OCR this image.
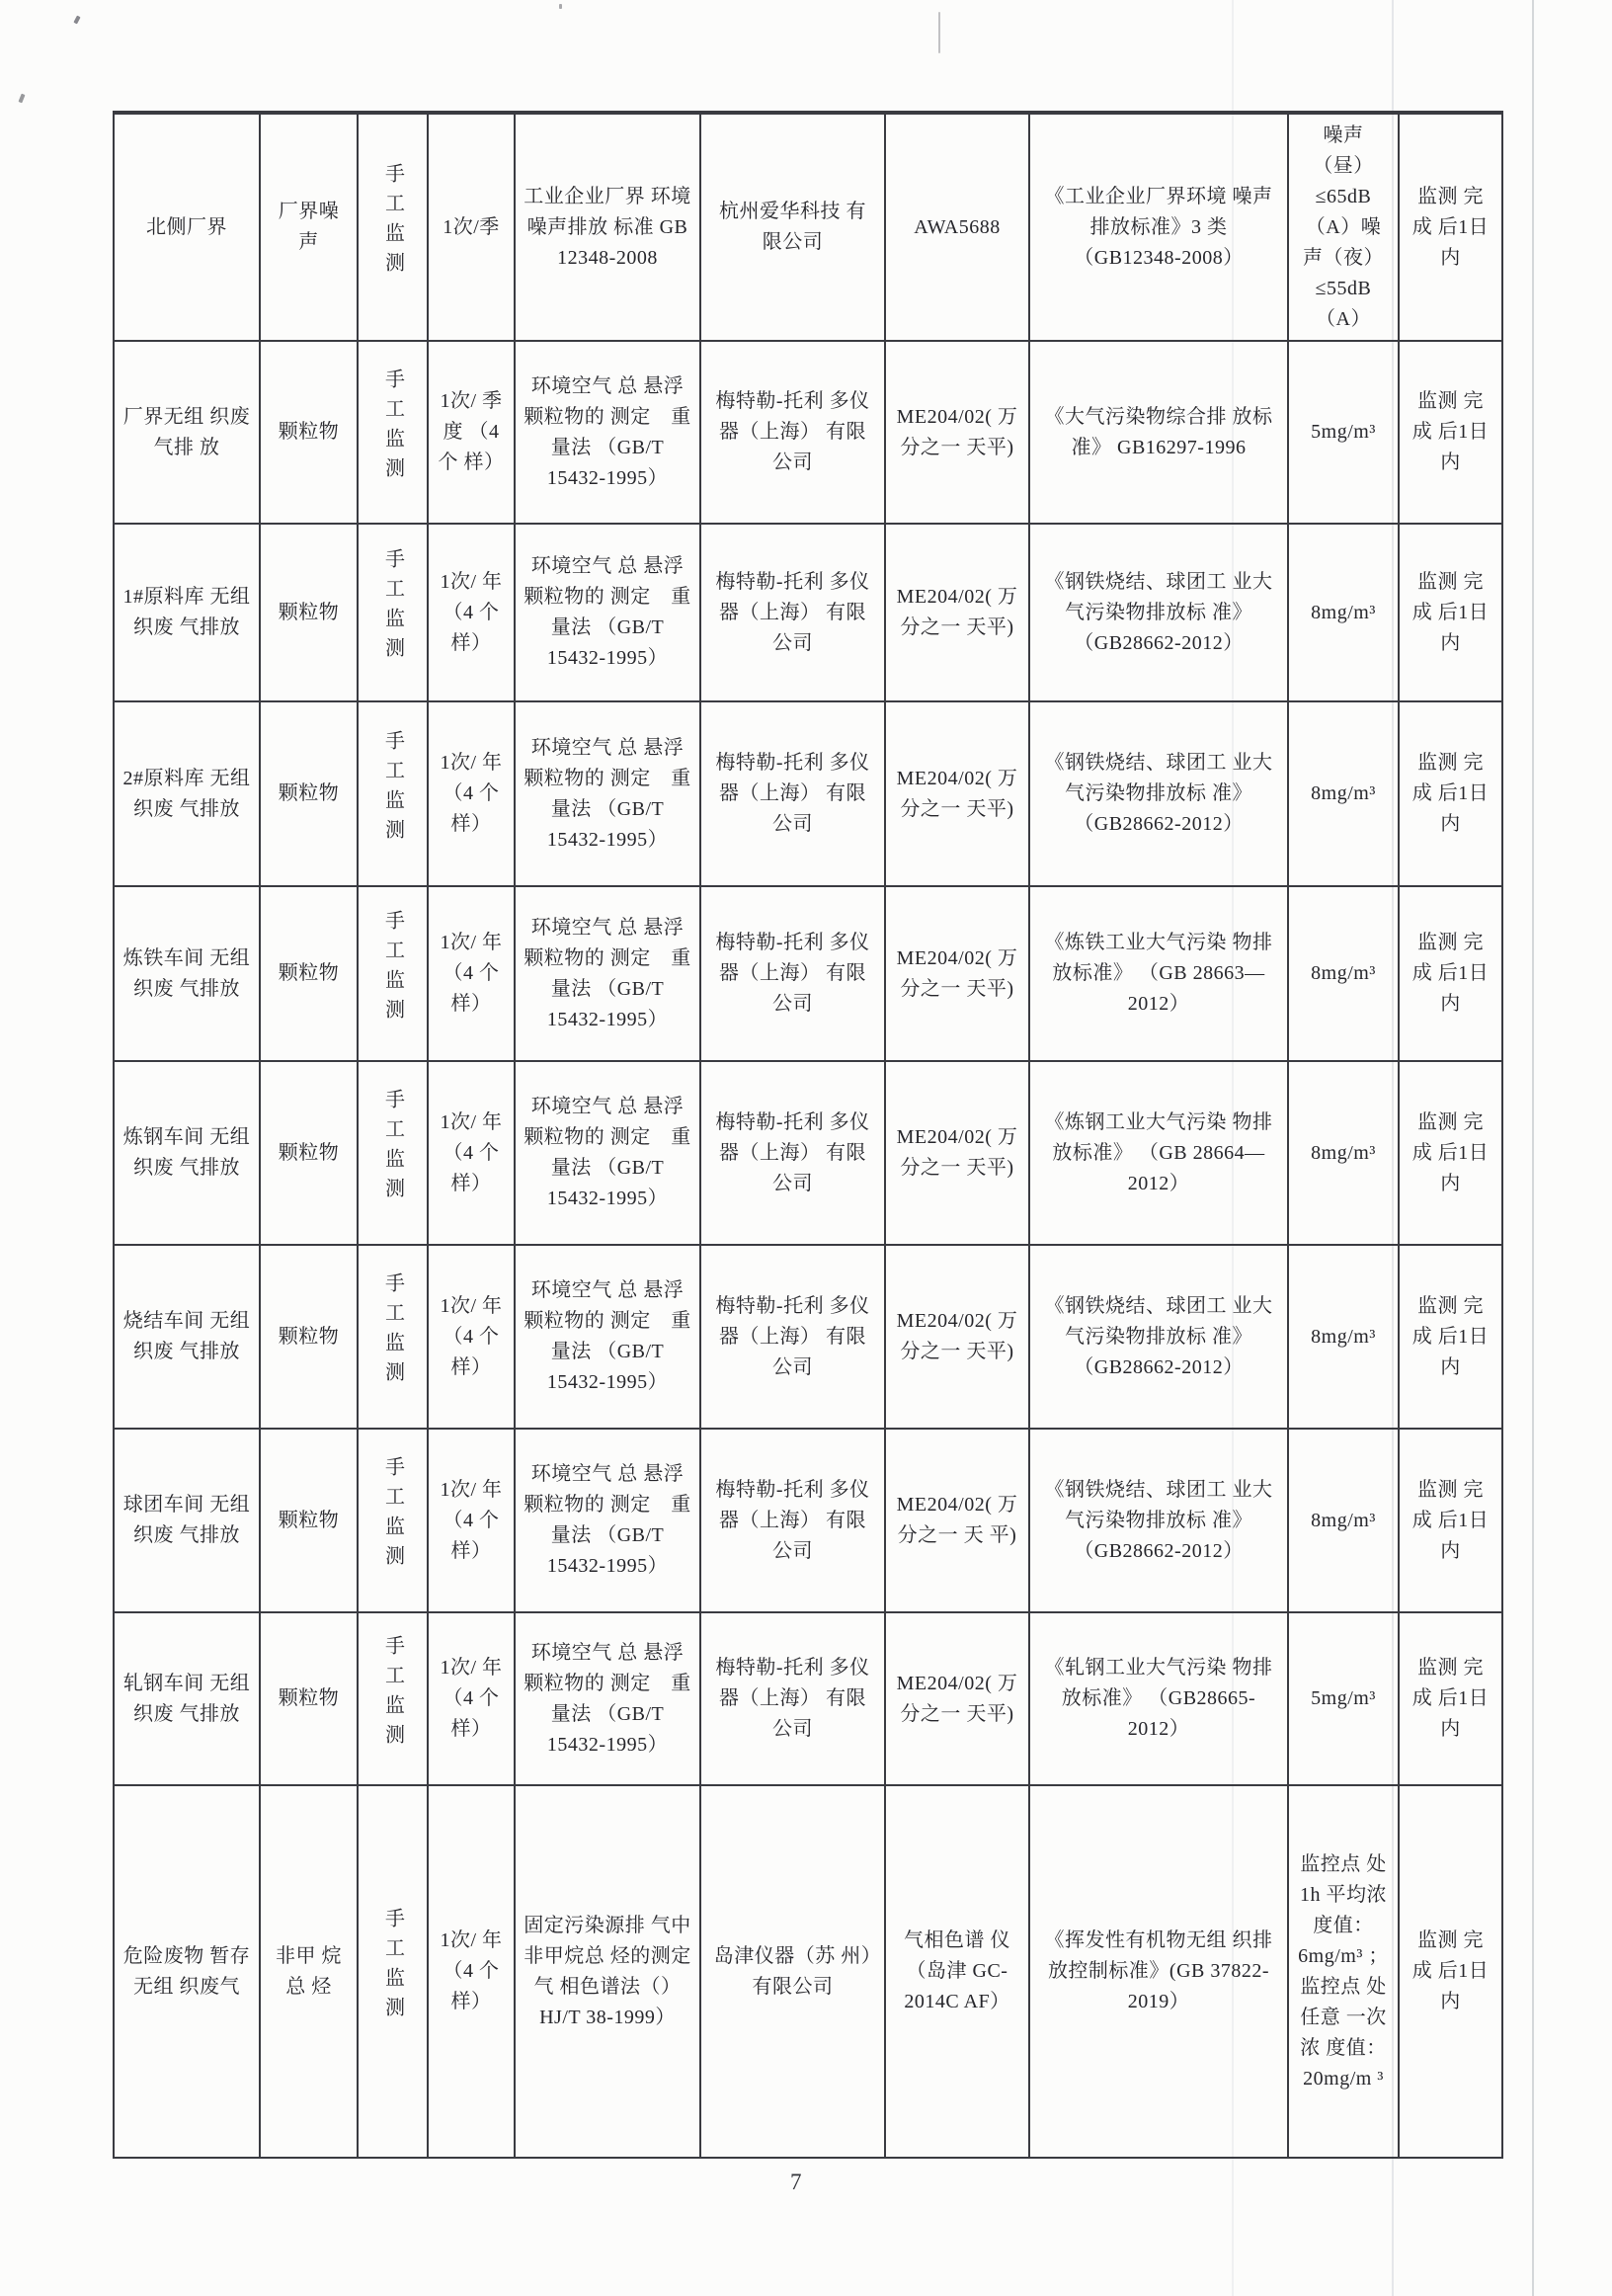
北侧厂界	厂界噪声	手工监测	1次/季	工业企业厂界 环境噪声排放 标准 GB 12348-2008	杭州爱华科技 有限公司	AWA5688	《工业企业厂界环境 噪声排放标准》3 类 （GB12348-2008）	噪声 （昼） ≤65dB （A）噪 声（夜） ≤55dB （A）	监测 完成 后1日 内
厂界无组 织废气排 放	颗粒物	手工监测	1次/ 季度 （4 个 样）	环境空气 总 悬浮颗粒物的 测定　重量法 （GB/T 15432-1995）	梅特勒-托利 多仪器（上海） 有限公司	ME204/02( 万分之一 天平)	《大气污染物综合排 放标准》 GB16297-1996	5mg/m³	监测 完成 后1日 内
1#原料库 无组织废 气排放	颗粒物	手工监测	1次/ 年 （4 个 样）	环境空气 总 悬浮颗粒物的 测定　重量法 （GB/T 15432-1995）	梅特勒-托利 多仪器（上海） 有限公司	ME204/02( 万分之一 天平)	《钢铁烧结、球团工 业大气污染物排放标 准》（GB28662-2012）	8mg/m³	监测 完成 后1日 内
2#原料库 无组织废 气排放	颗粒物	手工监测	1次/ 年 （4 个 样）	环境空气 总 悬浮颗粒物的 测定　重量法 （GB/T 15432-1995）	梅特勒-托利 多仪器（上海） 有限公司	ME204/02( 万分之一 天平)	《钢铁烧结、球团工 业大气污染物排放标 准》（GB28662-2012）	8mg/m³	监测 完成 后1日 内
炼铁车间 无组织废 气排放	颗粒物	手工监测	1次/ 年 （4 个 样）	环境空气 总 悬浮颗粒物的 测定　重量法 （GB/T 15432-1995）	梅特勒-托利 多仪器（上海） 有限公司	ME204/02( 万分之一 天平)	《炼铁工业大气污染 物排放标准》 （GB 28663—2012）	8mg/m³	监测 完成 后1日 内
炼钢车间 无组织废 气排放	颗粒物	手工监测	1次/ 年 （4 个 样）	环境空气 总 悬浮颗粒物的 测定　重量法 （GB/T 15432-1995）	梅特勒-托利 多仪器（上海） 有限公司	ME204/02( 万分之一 天平)	《炼钢工业大气污染 物排放标准》 （GB 28664—2012）	8mg/m³	监测 完成 后1日 内
烧结车间 无组织废 气排放	颗粒物	手工监测	1次/ 年 （4 个 样）	环境空气 总 悬浮颗粒物的 测定　重量法 （GB/T 15432-1995）	梅特勒-托利 多仪器（上海） 有限公司	ME204/02( 万分之一 天平)	《钢铁烧结、球团工 业大气污染物排放标 准》（GB28662-2012）	8mg/m³	监测 完成 后1日 内
球团车间 无组织废 气排放	颗粒物	手工监测	1次/ 年 （4 个 样）	环境空气 总 悬浮颗粒物的 测定　重量法 （GB/T 15432-1995）	梅特勒-托利 多仪器（上海） 有限公司	ME204/02( 万分之一 天 平)	《钢铁烧结、球团工 业大气污染物排放标 准》（GB28662-2012）	8mg/m³	监测 完成 后1日 内
轧钢车间 无组织废 气排放	颗粒物	手工监测	1次/ 年 （4 个 样）	环境空气 总 悬浮颗粒物的 测定　重量法 （GB/T 15432-1995）	梅特勒-托利 多仪器（上海） 有限公司	ME204/02( 万分之一 天平)	《轧钢工业大气污染 物排放标准》 （GB28665-2012）	5mg/m³	监测 完成 后1日 内
危险废物 暂存无组 织废气	非甲 烷总 烃	手工监测	1次/ 年 （4 个 样）	固定污染源排 气中非甲烷总 烃的测定　气 相色谱法（） HJ/T 38-1999）	岛津仪器（苏 州）有限公司	气相色谱 仪（岛津 GC-2014C AF）	《挥发性有机物无组 织排放控制标准》(GB 37822-2019）	监控点 处 1h 平均浓 度值： 6mg/m³ ； 监控点 处任意 一次浓 度值： 20mg/m ³	监测 完成 后1日 内
7
